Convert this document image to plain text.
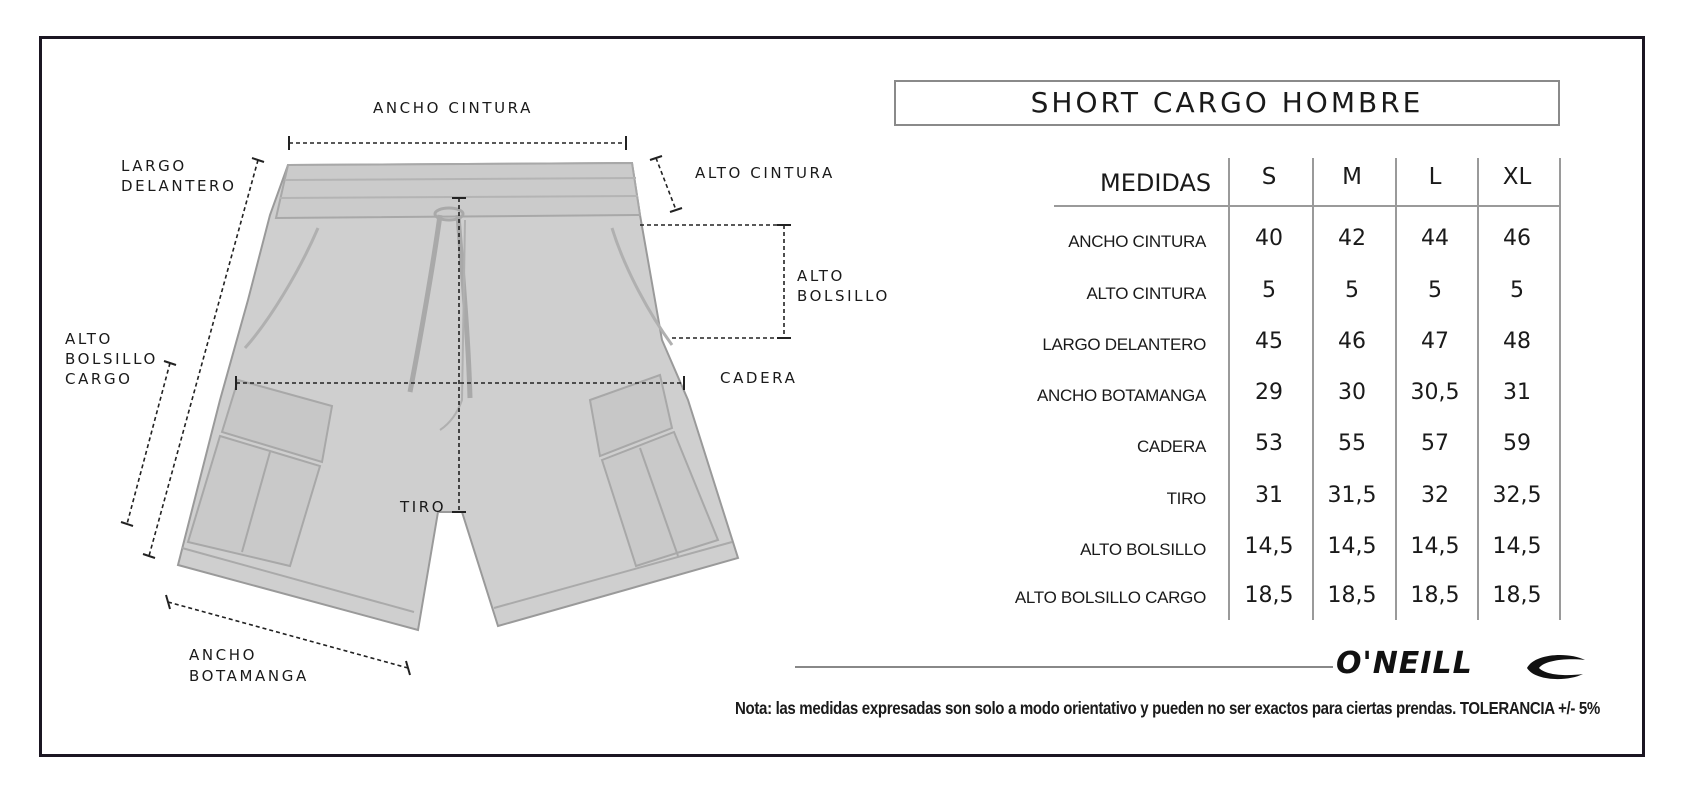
ANCHO CINTURA
LARGO
DELANTERO
ALTO CINTURA
ALTO
BOLSILLO
ALTO
BOLSILLO
CARGO	CADERA
TIRO
ANCHO
BOTAMANGA
SHORT CARGO HOMBRE
MEDIDAS	S	M	L	XL
ANCHO CINTURA	40	42	44	46
ALTO CINTURA	5	5	5	5
LARGO DELANTERO	45	46	47	48
ANCHO BOTAMANGA	29	30	30,5	31
CADERA	53	55	57	59
TIRO	31	31,5	32	32,5
ALTO BOLSILLO	14,5	14,5	14,5	14,5
ALTO BOLSILLO CARGO	18,5	18,5	18,5	18,5
O'NEILL
Nota: las medidas expresadas son solo a modo orientativo y pueden no ser exactos para ciertas prendas. TOLERANCIA +/- 5%
